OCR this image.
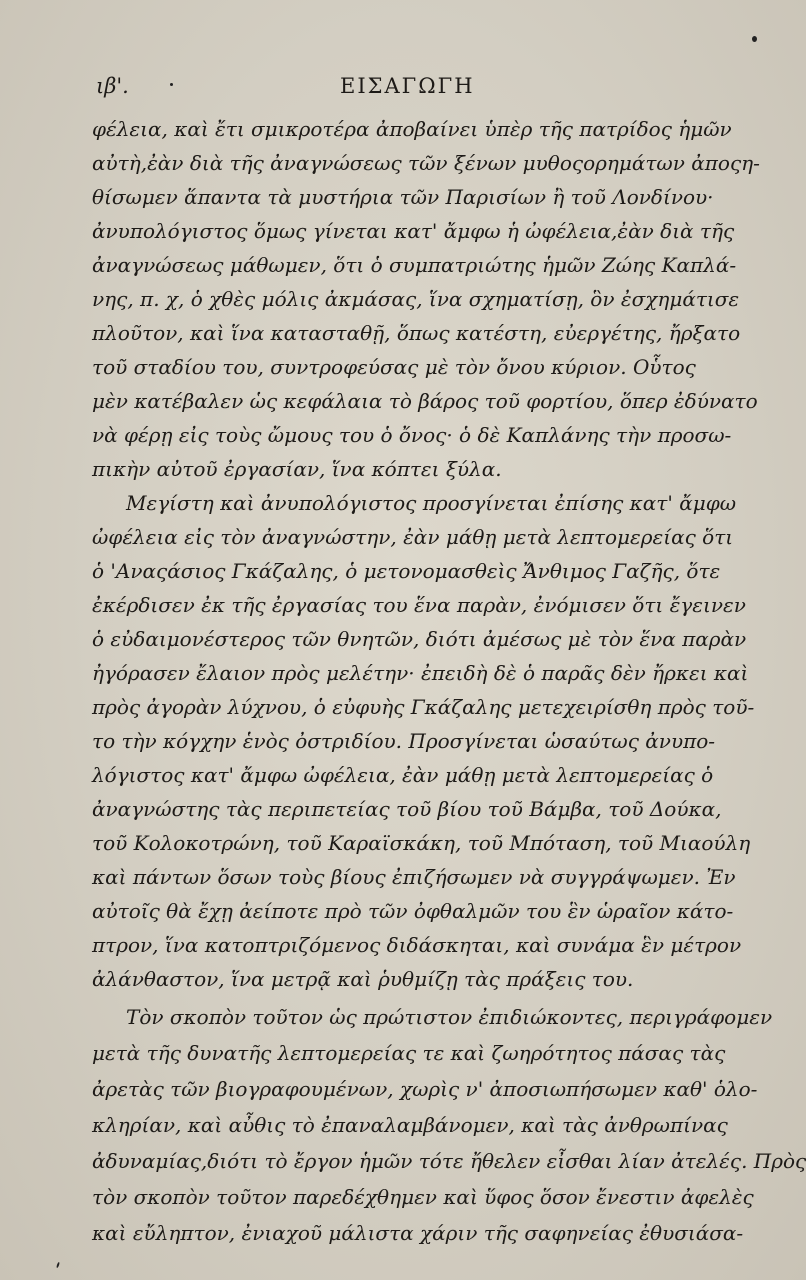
ιβ'.	ΕΙΣΑΓΩΓΗ
φέλεια, καὶ ἔτι σμικροτέρα ἀποβαίνει ὑπὲρ τῆς πατρίδος ἡμῶν
αὐτὴ,ἐὰν διὰ τῆς ἀναγνώσεως τῶν ξένων μυθοςορημάτων ἀποςη-
θίσωμεν ἅπαντα τὰ μυστήρια τῶν Παρισίων ἢ τοῦ Λονδίνου·
ἀνυπολόγιστος ὅμως γίνεται κατ' ἄμφω ἡ ὠφέλεια,ἐὰν διὰ τῆς
ἀναγνώσεως μάθωμεν, ὅτι ὁ συμπατριώτης ἡμῶν Ζώης Καπλά-
νης, π. χ, ὁ χθὲς μόλις ἀκμάσας, ἵνα σχηματίσῃ, ὃν ἐσχημάτισε
πλοῦτον, καὶ ἵνα κατασταθῇ, ὅπως κατέστη, εὐεργέτης, ἤρξατο
τοῦ σταδίου του, συντροφεύσας μὲ τὸν ὄνου κύριον. Οὗτος
μὲν κατέβαλεν ὡς κεφάλαια τὸ βάρος τοῦ φορτίου, ὅπερ ἐδύνατο
νὰ φέρῃ εἰς τοὺς ὤμους του ὁ ὄνος· ὁ δὲ Καπλάνης τὴν προσω-
πικὴν αὐτοῦ ἐργασίαν, ἵνα κόπτει ξύλα.
Μεγίστη καὶ ἀνυπολόγιστος προσγίνεται ἐπίσης κατ' ἄμφω
ὠφέλεια εἰς τὸν ἀναγνώστην, ἐὰν μάθῃ μετὰ λεπτομερείας ὅτι
ὁ 'Αναςάσιος Γκάζαλης, ὁ μετονομασθεὶς Ἄνθιμος Γαζῆς, ὅτε
ἐκέρδισεν ἐκ τῆς ἐργασίας του ἕνα παρὰν, ἐνόμισεν ὅτι ἔγεινεν
ὁ εὐδαιμονέστερος τῶν θνητῶν, διότι ἀμέσως μὲ τὸν ἕνα παρὰν
ἠγόρασεν ἔλαιον πρὸς μελέτην· ἐπειδὴ δὲ ὁ παρᾶς δὲν ἤρκει καὶ
πρὸς ἀγορὰν λύχνου, ὁ εὐφυὴς Γκάζαλης μετεχειρίσθη πρὸς τοῦ-
το τὴν κόγχην ἑνὸς ὀστριδίου. Προσγίνεται ὡσαύτως ἀνυπο-
λόγιστος κατ' ἄμφω ὠφέλεια, ἐὰν μάθῃ μετὰ λεπτομερείας ὁ
ἀναγνώστης τὰς περιπετείας τοῦ βίου τοῦ Βάμβα, τοῦ Δούκα,
τοῦ Κολοκοτρώνη, τοῦ Καραϊσκάκη, τοῦ Μπόταση, τοῦ Μιαούλη
καὶ πάντων ὅσων τοὺς βίους ἐπιζήσωμεν νὰ συγγράψωμεν. Ἐν
αὐτοῖς θὰ ἔχῃ ἀείποτε πρὸ τῶν ὀφθαλμῶν του ἓν ὡραῖον κάτο-
πτρον, ἵνα κατοπτριζόμενος διδάσκηται, καὶ συνάμα ἓν μέτρον
ἀλάνθαστον, ἵνα μετρᾷ καὶ ῥυθμίζῃ τὰς πράξεις του.
Τὸν σκοπὸν τοῦτον ὡς πρώτιστον ἐπιδιώκοντες, περιγράφομεν
μετὰ τῆς δυνατῆς λεπτομερείας τε καὶ ζωηρότητος πάσας τὰς
ἀρετὰς τῶν βιογραφουμένων, χωρὶς ν' ἀποσιωπήσωμεν καθ' ὁλο-
κληρίαν, καὶ αὖθις τὸ ἐπαναλαμβάνομεν, καὶ τὰς ἀνθρωπίνας
ἀδυναμίας,διότι τὸ ἔργον ἡμῶν τότε ἤθελεν εἶσθαι λίαν ἀτελές. Πρὸς
τὸν σκοπὸν τοῦτον παρεδέχθημεν καὶ ὕφος ὅσον ἔνεστιν ἀφελὲς
καὶ εὔληπτον, ἐνιαχοῦ μάλιστα χάριν τῆς σαφηνείας ἐθυσιάσα-
